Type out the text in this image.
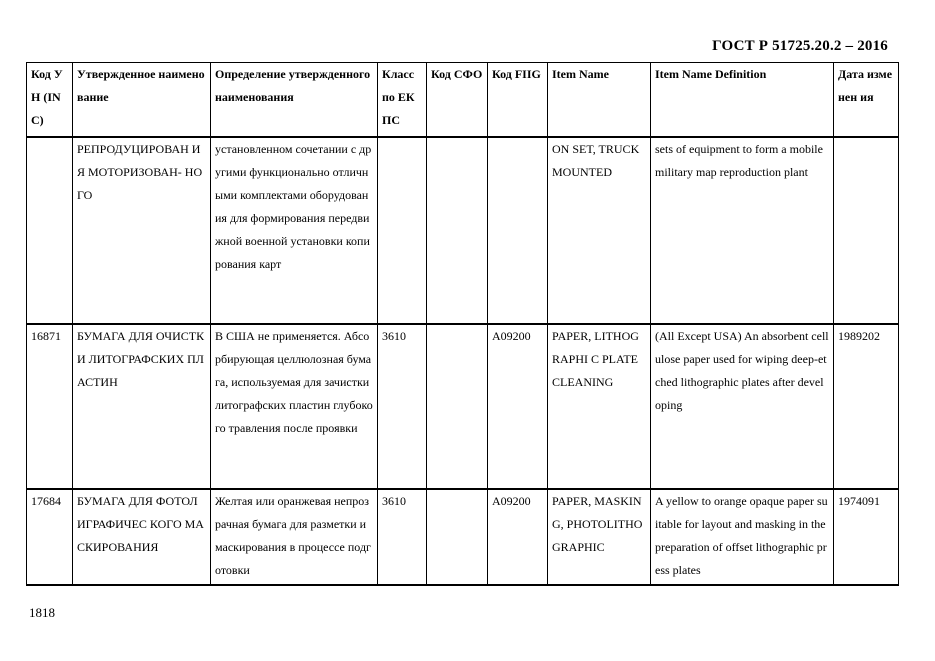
ГОСТ Р 51725.20.2 – 2016
Код УН (INC)	Утвержденное наименование	Определение утвержденного наименования	Класс по ЕКПС	Код СФО	Код FIIG	Item Name	Item Name Definition	Дата изменен ия
	РЕПРОДУЦИРОВАН ИЯ МОТОРИЗОВАН- НОГО	установленном сочетании с другими функционально отличными комплектами оборудования для формирования передвижной военной установки копирования карт				ON SET, TRUCK MOUNTED	sets of equipment to form a mobile military map reproduction plant	
16871	БУМАГА ДЛЯ ОЧИСТКИ ЛИТОГРАФСКИХ ПЛАСТИН	В США не применяется. Абсорбирующая целлюлозная бумага, используемая для зачистки литографских пластин глубокого травления после проявки	3610		A09200	PAPER, LITHOGRAPHI C PLATE CLEANING	(All Except USA) An absorbent cellulose paper used for wiping deep-etched lithographic plates after developing	1989202
17684	БУМАГА ДЛЯ ФОТОЛИГРАФИЧЕС КОГО МАСКИРОВАНИЯ	Желтая или оранжевая непрозрачная бумага для разметки и маскирования в процессе подготовки	3610		A09200	PAPER, MASKING, PHOTOLITHO GRAPHIC	A yellow to orange opaque paper suitable for layout and masking in the preparation of offset lithographic press plates	1974091
1818
